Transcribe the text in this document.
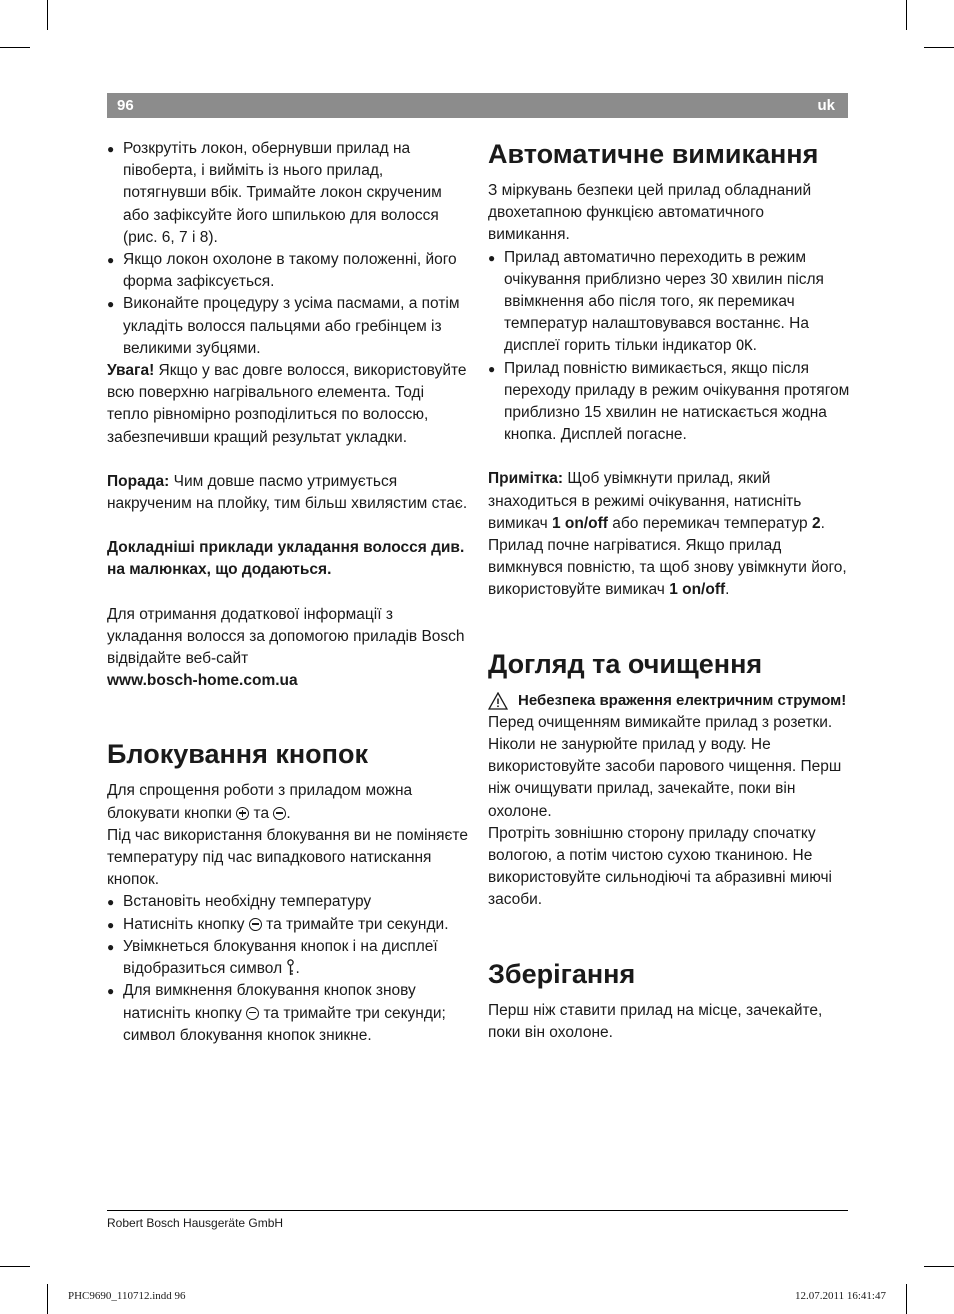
96	uk
● Розкрутіть локон, обернувши прилад на півоберта, і вийміть із нього прилад, потягнувши вбік. Тримайте локон скрученим або зафіксуйте його шпилькою для волосся (рис. 6, 7 і 8).
● Якщо локон охолоне в такому положенні, його форма зафіксується.
● Виконайте процедуру з усіма пасмами, а потім укладіть волосся пальцями або гребінцем із великими зубцями.

Увага! Якщо у вас довге волосся, використовуйте всю поверхню нагрівального елемента. Тоді тепло рівномірно розподілиться по волоссю, забезпечивши кращий результат укладки.

Порада: Чим довше пасмо утримується накрученим на плойку, тим більш хвилястим стає.

Докладніші приклади укладання волосся див. на малюнках, що додаються.

Для отримання додаткової інформації з укладання волосся за допомогою приладів Bosch відвідайте веб-сайт

www.bosch-home.com.ua

Блокування кнопок

Для спрощення роботи з приладом можна блокувати кнопки  та .

Під час використання блокування ви не поміняєте температуру під час випадкового натискання кнопок.

● Встановіть необхідну температуру
● Натисніть кнопку  та тримайте три секунди.
● Увімкнеться блокування кнопок і на дисплеї відобразиться символ .
● Для вимкнення блокування кнопок знову натисніть кнопку  та тримайте три секунди; символ блокування кнопок зникне.
Автоматичне вимикання

З міркувань безпеки цей прилад обладнаний двохетапною функцією автоматичного вимикання.

● Прилад автоматично переходить в режим очікування приблизно через 30 хвилин після ввімкнення або після того, як перемикач температур налаштовувався востаннє. На дисплеї горить тільки індикатор OK.
● Прилад повністю вимикається, якщо після переходу приладу в режим очікування протягом приблизно 15 хвилин не натискається жодна кнопка. Дисплей погасне.

Примітка: Щоб увімкнути прилад, який знаходиться в режимі очікування, натисніть вимикач 1 on/off або перемикач температур 2. Прилад почне нагріватися. Якщо прилад вимкнувся повністю, та щоб знову увімкнути його, використовуйте вимикач 1 on/off.

Догляд та очищення
Небезпека враження електричним струмом!

Перед очищенням вимикайте прилад з розетки. Ніколи не занурюйте прилад у воду. Не використовуйте засоби парового чищення. Перш ніж очищувати прилад, зачекайте, поки він охолоне.

Протріть зовнішню сторону приладу спочатку вологою, а потім чистою сухою тканиною. Не використовуйте сильнодіючі та абразивні миючі засоби.

Зберігання

Перш ніж ставити прилад на місце, зачекайте, поки він охолоне.

Robert Bosch Hausgeräte GmbH
PHC9690_110712.indd 96	12.07.2011 16:41:47
